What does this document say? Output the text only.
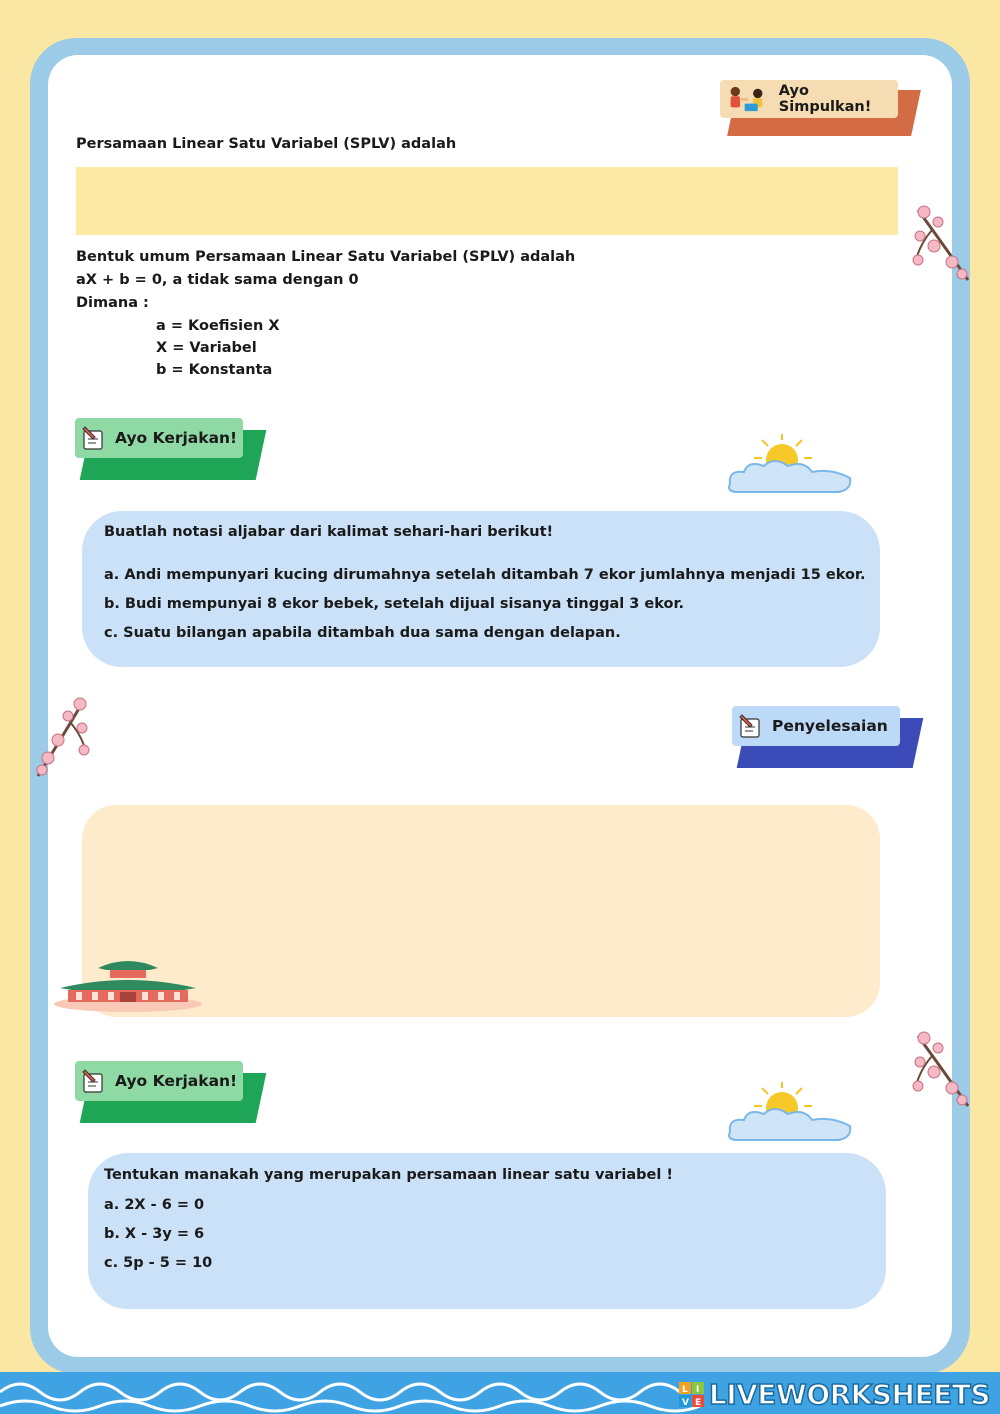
Ayo Simpulkan!
Persamaan Linear Satu Variabel (SPLV) adalah
Bentuk umum Persamaan Linear Satu Variabel (SPLV) adalah
aX + b = 0, a tidak sama dengan 0
Dimana :
a = Koefisien X
X = Variabel
b = Konstanta
Ayo Kerjakan!
Buatlah notasi aljabar dari kalimat sehari-hari berikut!
a. Andi mempunyari kucing dirumahnya setelah ditambah 7 ekor jumlahnya menjadi 15 ekor.
b. Budi mempunyai 8 ekor bebek, setelah dijual sisanya tinggal 3 ekor.
c. Suatu bilangan apabila ditambah dua sama dengan delapan.
Penyelesaian
Ayo Kerjakan!
Tentukan manakah yang merupakan persamaan linear satu variabel !
a. 2X - 6 = 0
b. X - 3y = 6
c. 5p - 5 = 10
L I
V E LIVEWORKSHEETS
